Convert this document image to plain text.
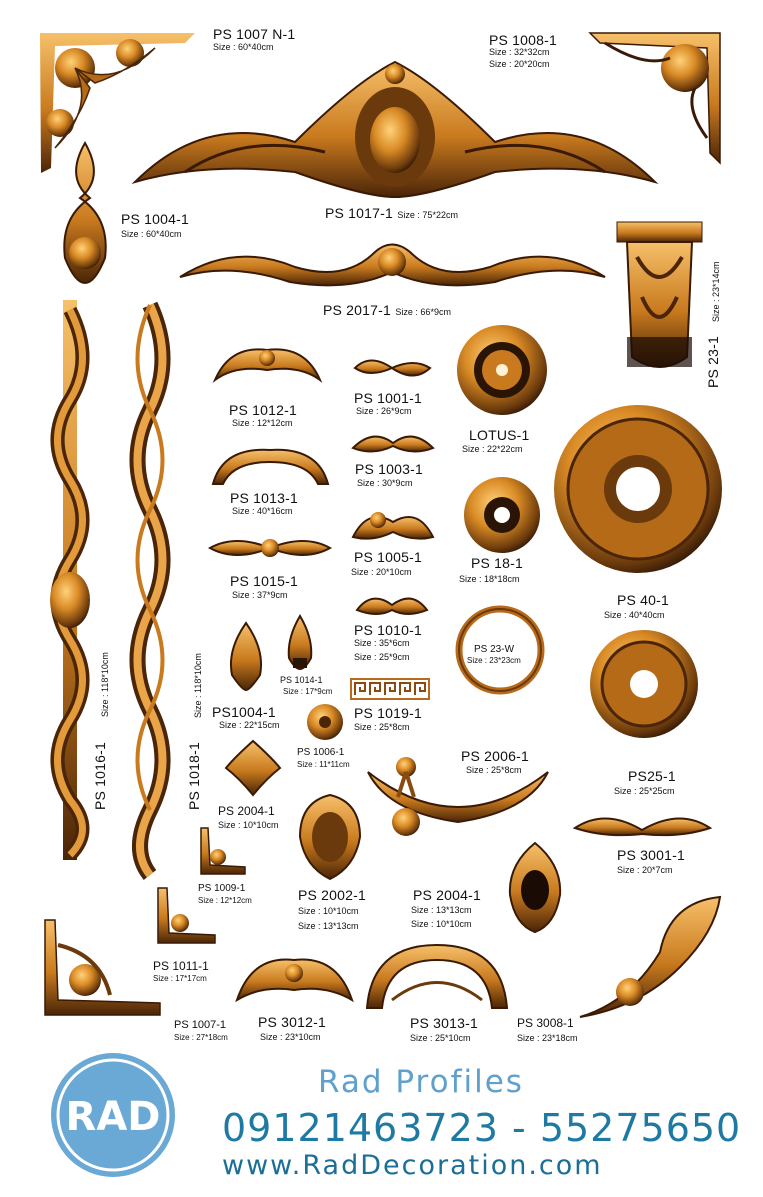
PS 1007 N-1
Size : 60*40cm	PS 1008-1
Size : 32*32cm
Size : 20*20cm
PS 1004-1
Size : 60*40cm
PS 1017-1 Size : 75*22cm
PS 2017-1 Size : 66*9cm
PS 23-1
Size : 23*14cm
PS 1012-1
Size : 12*12cm
PS 1001-1
Size : 26*9cm
LOTUS-1
Size : 22*22cm
PS 1003-1
Size : 30*9cm
PS 1013-1
Size : 40*16cm
PS 1005-1
Size : 20*10cm
PS 18-1
Size : 18*18cm
PS 1015-1
Size : 37*9cm	PS 40-1
Size : 40*40cm
PS 1010-1
Size : 35*6cm
Size : 25*9cm
PS 23-W
Size : 23*23cm
PS 1014-1
Size : 17*9cm
PS1004-1
Size : 22*15cm
PS 1019-1
Size : 25*8cm
PS 1016-1
Size : 118*10cm
PS 1018-1
Size : 118*10cm
PS 1006-1
Size : 11*11cm
PS 2006-1
Size : 25*8cm	PS25-1
Size : 25*25cm
PS 2004-1
Size : 10*10cm
PS 3001-1
Size : 20*7cm
PS 1009-1
Size : 12*12cm	PS 2002-1
Size : 10*10cm
Size : 13*13cm
PS 2004-1
Size : 13*13cm
Size : 10*10cm
PS 1011-1
Size : 17*17cm
PS 1007-1
Size : 27*18cm
PS 3012-1
Size : 23*10cm
PS 3013-1
Size : 25*10cm
PS 3008-1
Size : 23*18cm
RAD
Rad Profiles
09121463723 - 55275650
www.RadDecoration.com
